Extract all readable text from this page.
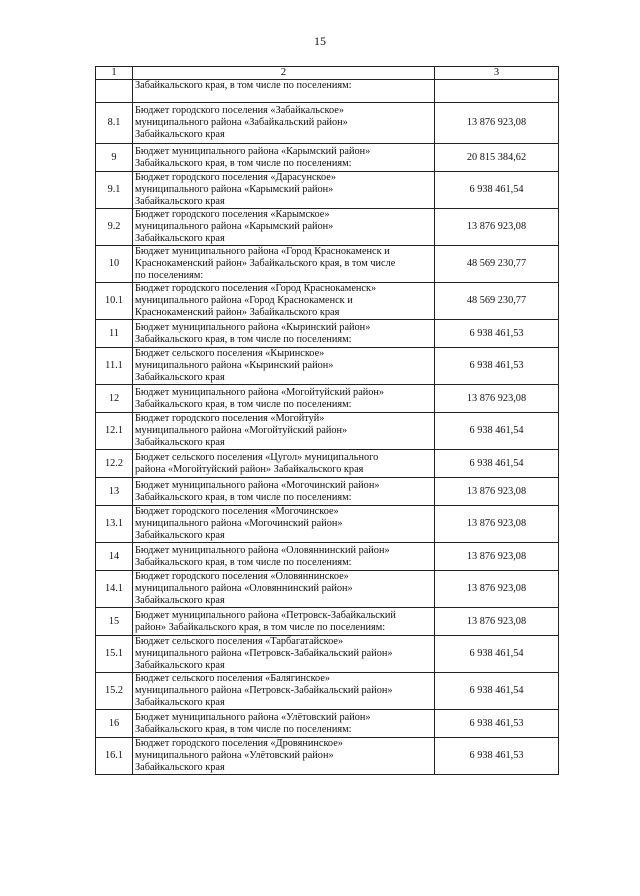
15
1	2	3
	Забайкальского края, в том числе по поселениям:	
8.1	Бюджет городского поселения «Забайкальское»
муниципального района «Забайкальский район»
Забайкальского края	13 876 923,08
9	Бюджет муниципального района «Карымский район»
Забайкальского края, в том числе по поселениям:	20 815 384,62
9.1	Бюджет городского поселения «Дарасунское»
муниципального района «Карымский район»
Забайкальского края	6 938 461,54
9.2	Бюджет городского поселения «Карымское»
муниципального района «Карымский район»
Забайкальского края	13 876 923,08
10	Бюджет муниципального района «Город Краснокаменск и
Краснокаменский район» Забайкальского края, в том числе
по поселениям:	48 569 230,77
10.1	Бюджет городского поселения «Город Краснокаменск»
муниципального района «Город Краснокаменск и
Краснокаменский район» Забайкальского края	48 569 230,77
11	Бюджет муниципального района «Кыринский район»
Забайкальского края, в том числе по поселениям:	6 938 461,53
11.1	Бюджет сельского поселения «Кыринское»
муниципального района «Кыринский район»
Забайкальского края	6 938 461,53
12	Бюджет муниципального района «Могойтуйский район»
Забайкальского края, в том числе по поселениям:	13 876 923,08
12.1	Бюджет городского поселения «Могойтуй»
муниципального района «Могойтуйский район»
Забайкальского края	6 938 461,54
12.2	Бюджет сельского поселения «Цугол» муниципального
района «Могойтуйский район» Забайкальского края	6 938 461,54
13	Бюджет муниципального района «Могочинский район»
Забайкальского края, в том числе по поселениям:	13 876 923,08
13.1	Бюджет городского поселения «Могочинское»
муниципального района «Могочинский район»
Забайкальского края	13 876 923,08
14	Бюджет муниципального района «Оловяннинский район»
Забайкальского края, в том числе по поселениям:	13 876 923,08
14.1	Бюджет городского поселения «Оловяннинское»
муниципального района «Оловяннинский район»
Забайкальского края	13 876 923,08
15	Бюджет муниципального района «Петровск-Забайкальский
район» Забайкальского края, в том числе по поселениям:	13 876 923,08
15.1	Бюджет сельского поселения «Тарбагатайское»
муниципального района «Петровск-Забайкальский район»
Забайкальского края	6 938 461,54
15.2	Бюджет сельского поселения «Балягинское»
муниципального района «Петровск-Забайкальский район»
Забайкальского края	6 938 461,54
16	Бюджет муниципального района «Улётовский район»
Забайкальского края, в том числе по поселениям:	6 938 461,53
16.1	Бюджет городского поселения «Дровянинское»
муниципального района «Улётовский район»
Забайкальского края	6 938 461,53
